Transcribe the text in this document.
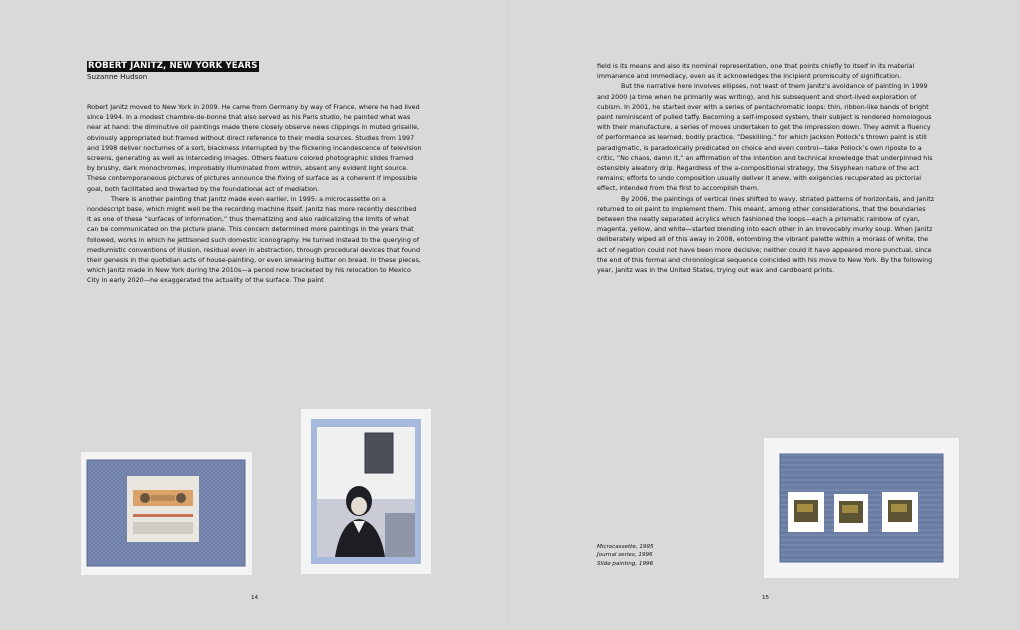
ROBERT JANITZ, NEW YORK YEARS
Suzanne Hudson

Robert Janitz moved to New York in 2009. He came from Germany by way of France, where he had lived since 1994. In a modest chambre-de-bonne that also served as his Paris studio, he painted what was near at hand: the diminutive oil paintings made there closely observe news clippings in muted grisaille, obviously appropriated but framed without direct reference to their media sources. Studies from 1997 and 1998 deliver nocturnes of a sort, blackness interrupted by the flickering incandescence of television screens, generating as well as interceding images. Others feature colored photographic slides framed by brushy, dark monochromes, improbably illuminated from within, absent any evident light source. These contemporaneous pictures of pictures announce the fixing of surface as a coherent if impossible goal, both facilitated and thwarted by the foundational act of mediation.

There is another painting that Janitz made even earlier, in 1995: a microcassette on a nondescript base, which might well be the recording machine itself. Janitz has more recently described it as one of these “surfaces of information,” thus thematizing and also radicalizing the limits of what can be communicated on the picture plane. This concern determined more paintings in the years that followed, works in which he jettisoned such domestic iconography. He turned instead to the querying of mediumistic conventions of illusion, residual even in abstraction, through procedural devices that found their genesis in the quotidian acts of house-painting, or even smearing butter on bread. In these pieces, which Janitz made in New York during the 2010s—a period now bracketed by his relocation to Mexico City in early 2020—he exaggerated the actuality of the surface. The paint

field is its means and also its nominal representation, one that points chiefly to itself in its material immanence and immediacy, even as it acknowledges the incipient promiscuity of signification.

But the narrative here involves ellipses, not least of them Janitz’s avoidance of painting in 1999 and 2000 (a time when he primarily was writing), and his subsequent and short-lived exploration of cubism. In 2001, he started over with a series of pentachromatic loops: thin, ribbon-like bands of bright paint reminiscent of pulled taffy. Becoming a self-imposed system, their subject is rendered homologous with their manufacture, a series of moves undertaken to get the impression down. They admit a fluency of performance as learned, bodily practice. “Deskilling,” for which Jackson Pollock’s thrown paint is still paradigmatic, is paradoxically predicated on choice and even control—take Pollock’s own riposte to a critic, “No chaos, damn it,” an affirmation of the intention and technical knowledge that underpinned his ostensibly aleatory drip. Regardless of the a-compositional strategy, the Sisyphean nature of the act remains; efforts to undo composition usually deliver it anew, with exigencies recuperated as pictorial effect, intended from the first to accomplish them.

By 2006, the paintings of vertical lines shifted to wavy, striated patterns of horizontals, and Janitz returned to oil paint to implement them. This meant, among other considerations, that the boundaries between the neatly separated acrylics which fashioned the loops—each a prismatic rainbow of cyan, magenta, yellow, and white—started blending into each other in an irrevocably murky soup. When Janitz deliberately wiped all of this away in 2008, entombing the vibrant palette within a morass of white, the act of negation could not have been more decisive; neither could it have appeared more punctual, since the end of this formal and chronological sequence coincided with his move to New York. By the following year, Janitz was in the United States, trying out wax and cardboard prints.

Microcassette, 1995
Journal series, 1996
Slide painting, 1996
14	15
